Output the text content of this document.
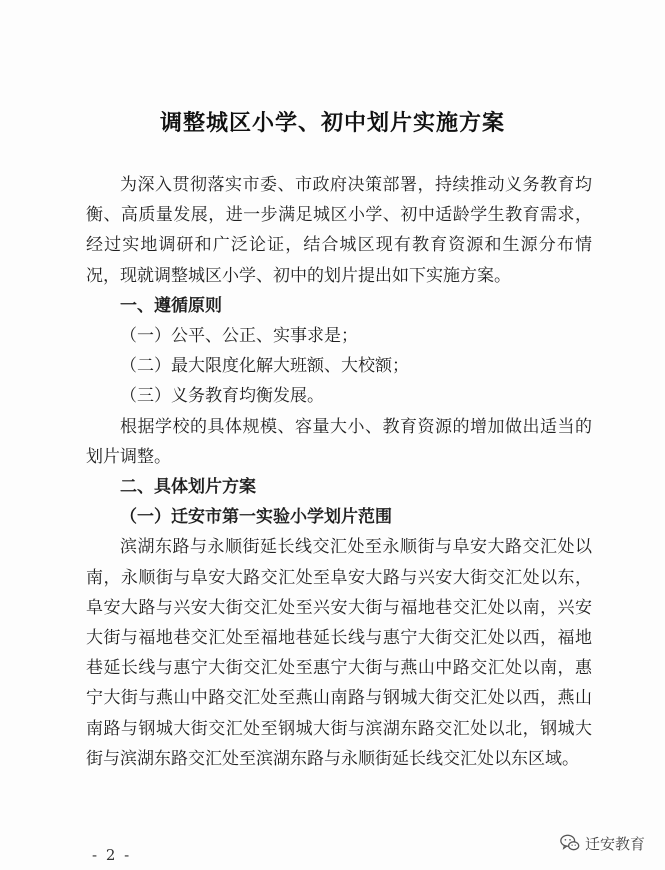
调整城区小学、初中划片实施方案

为深入贯彻落实市委、市政府决策部署，持续推动义务教育均衡、高质量发展，进一步满足城区小学、初中适龄学生教育需求，经过实地调研和广泛论证，结合城区现有教育资源和生源分布情况，现就调整城区小学、初中的划片提出如下实施方案。

一、遵循原则

（一）公平、公正、实事求是；

（二）最大限度化解大班额、大校额；

（三）义务教育均衡发展。

根据学校的具体规模、容量大小、教育资源的增加做出适当的划片调整。

二、具体划片方案

（一）迁安市第一实验小学划片范围

滨湖东路与永顺街延长线交汇处至永顺街与阜安大路交汇处以南，永顺街与阜安大路交汇处至阜安大路与兴安大街交汇处以东，阜安大路与兴安大街交汇处至兴安大街与福地巷交汇处以南，兴安大街与福地巷交汇处至福地巷延长线与惠宁大街交汇处以西，福地巷延长线与惠宁大街交汇处至惠宁大街与燕山中路交汇处以南，惠宁大街与燕山中路交汇处至燕山南路与钢城大街交汇处以西，燕山南路与钢城大街交汇处至钢城大街与滨湖东路交汇处以北，钢城大街与滨湖东路交汇处至滨湖东路与永顺街延长线交汇处以东区域。

- 2 -
迁安教育
